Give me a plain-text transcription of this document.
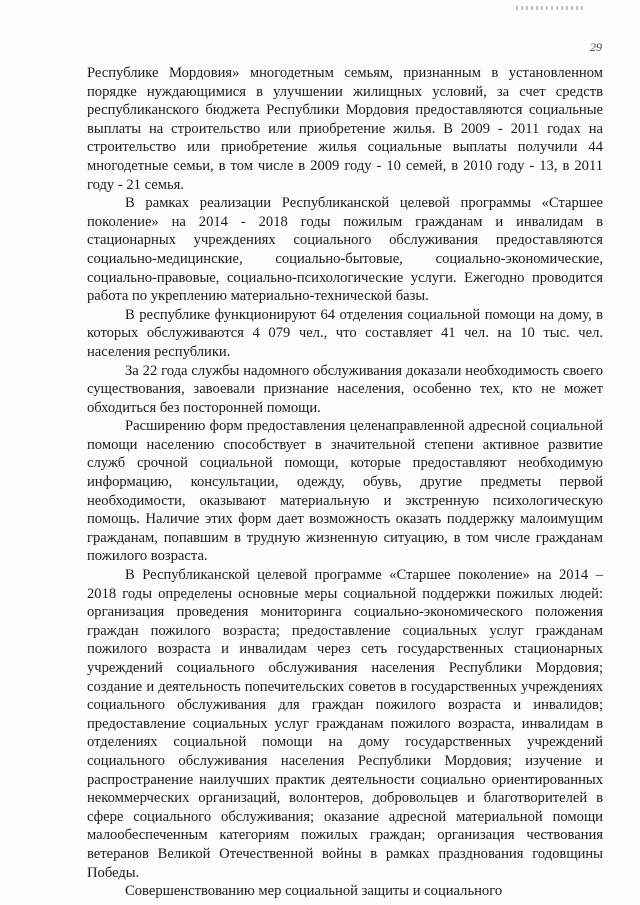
29

Республике Мордовия» многодетным семьям, признанным в установленном порядке нуждающимися в улучшении жилищных условий, за счет средств республиканского бюджета Республики Мордовия предоставляются социальные выплаты на строительство или приобретение жилья. В 2009 - 2011 годах на строительство или приобретение жилья социальные выплаты получили 44 многодетные семьи, в том числе в 2009 году - 10 семей, в 2010 году - 13, в 2011 году - 21 семья.

В рамках реализации Республиканской целевой программы «Старшее поколение» на 2014 - 2018 годы пожилым гражданам и инвалидам в стационарных учреждениях социального обслуживания предоставляются социально-медицинские, социально-бытовые, социально-экономические, социально-правовые, социально-психологические услуги. Ежегодно проводится работа по укреплению материально-технической базы.

В республике функционируют 64 отделения социальной помощи на дому, в которых обслуживаются 4 079 чел., что составляет 41 чел. на 10 тыс. чел. населения республики.

За 22 года службы надомного обслуживания доказали необходимость своего существования, завоевали признание населения, особенно тех, кто не может обходиться без посторонней помощи.

Расширению форм предоставления целенаправленной адресной социальной помощи населению способствует в значительной степени активное развитие служб срочной социальной помощи, которые предоставляют необходимую информацию, консультации, одежду, обувь, другие предметы первой необходимости, оказывают материальную и экстренную психологическую помощь. Наличие этих форм дает возможность оказать поддержку малоимущим гражданам, попавшим в трудную жизненную ситуацию, в том числе гражданам пожилого возраста.

В Республиканской целевой программе «Старшее поколение» на 2014 – 2018 годы определены основные меры социальной поддержки пожилых людей: организация проведения мониторинга социально-экономического положения граждан пожилого возраста; предоставление социальных услуг гражданам пожилого возраста и инвалидам через сеть государственных стационарных учреждений социального обслуживания населения Республики Мордовия; создание и деятельность попечительских советов в государственных учреждениях социального обслуживания для граждан пожилого возраста и инвалидов; предоставление социальных услуг гражданам пожилого возраста, инвалидам в отделениях социальной помощи на дому государственных учреждений социального обслуживания населения Республики Мордовия; изучение и распространение наилучших практик деятельности социально ориентированных некоммерческих организаций, волонтеров, добровольцев и благотворителей в сфере социального обслуживания; оказание адресной материальной помощи малообеспеченным категориям пожилых граждан; организация чествования ветеранов Великой Отечественной войны в рамках празднования годовщины Победы.

Совершенствованию мер социальной защиты и социального
